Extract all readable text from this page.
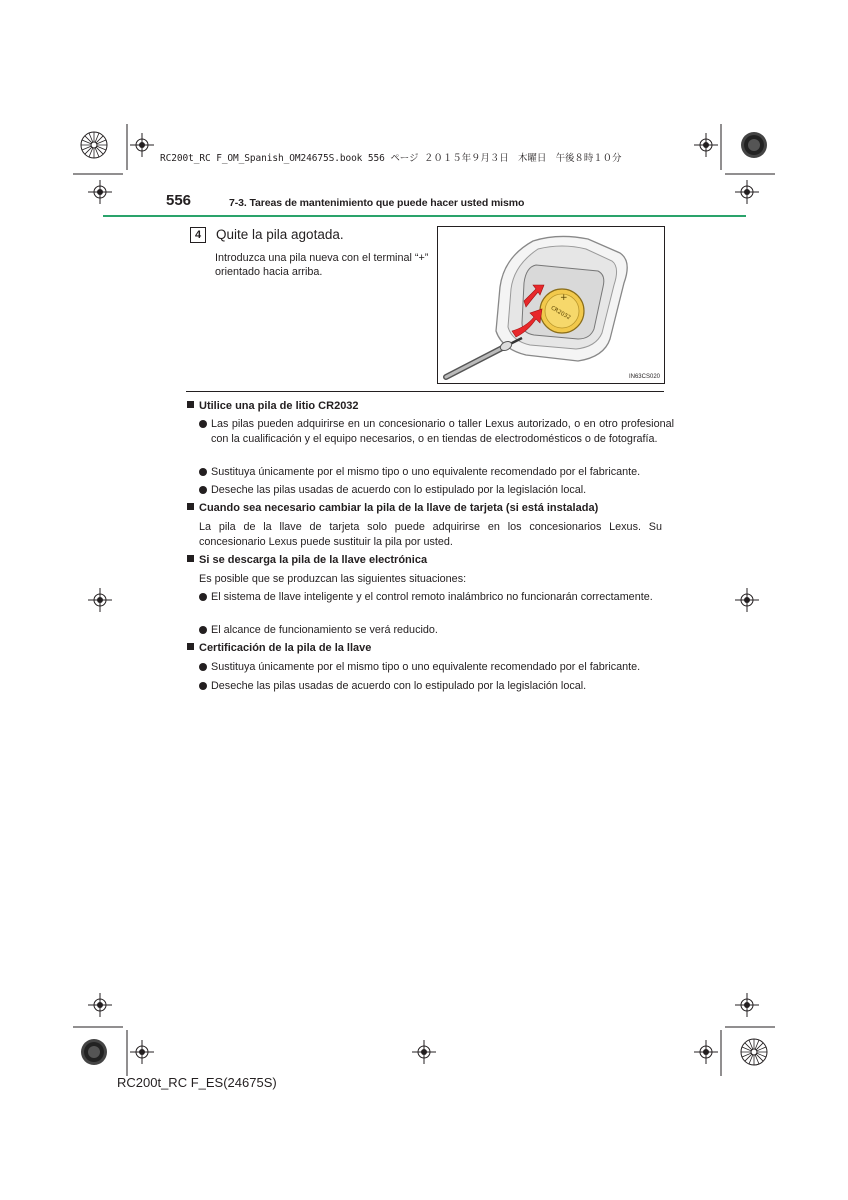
RC200t_RC F_OM_Spanish_OM24675S.book 556 ページ ２０１５年９月３日　木曜日　午後８時１０分
556	7-3. Tareas de mantenimiento que puede hacer usted mismo
4	Quite la pila agotada.
Introduzca una pila nueva con el terminal “+” orientado hacia arriba.
+
CR2032
IN63CS020
Utilice una pila de litio CR2032
Las pilas pueden adquirirse en un concesionario o taller Lexus autorizado, o en otro profesional con la cualificación y el equipo necesarios, o en tiendas de electrodomésticos o de fotografía.
Sustituya únicamente por el mismo tipo o uno equivalente recomendado por el fabricante.
Deseche las pilas usadas de acuerdo con lo estipulado por la legislación local.
Cuando sea necesario cambiar la pila de la llave de tarjeta (si está instalada)
La pila de la llave de tarjeta solo puede adquirirse en los concesionarios Lexus. Su concesionario Lexus puede sustituir la pila por usted.
Si se descarga la pila de la llave electrónica
Es posible que se produzcan las siguientes situaciones:
El sistema de llave inteligente y el control remoto inalámbrico no funcionarán correctamente.
El alcance de funcionamiento se verá reducido.
Certificación de la pila de la llave
Sustituya únicamente por el mismo tipo o uno equivalente recomendado por el fabricante.
Deseche las pilas usadas de acuerdo con lo estipulado por la legislación local.
RC200t_RC F_ES(24675S)
